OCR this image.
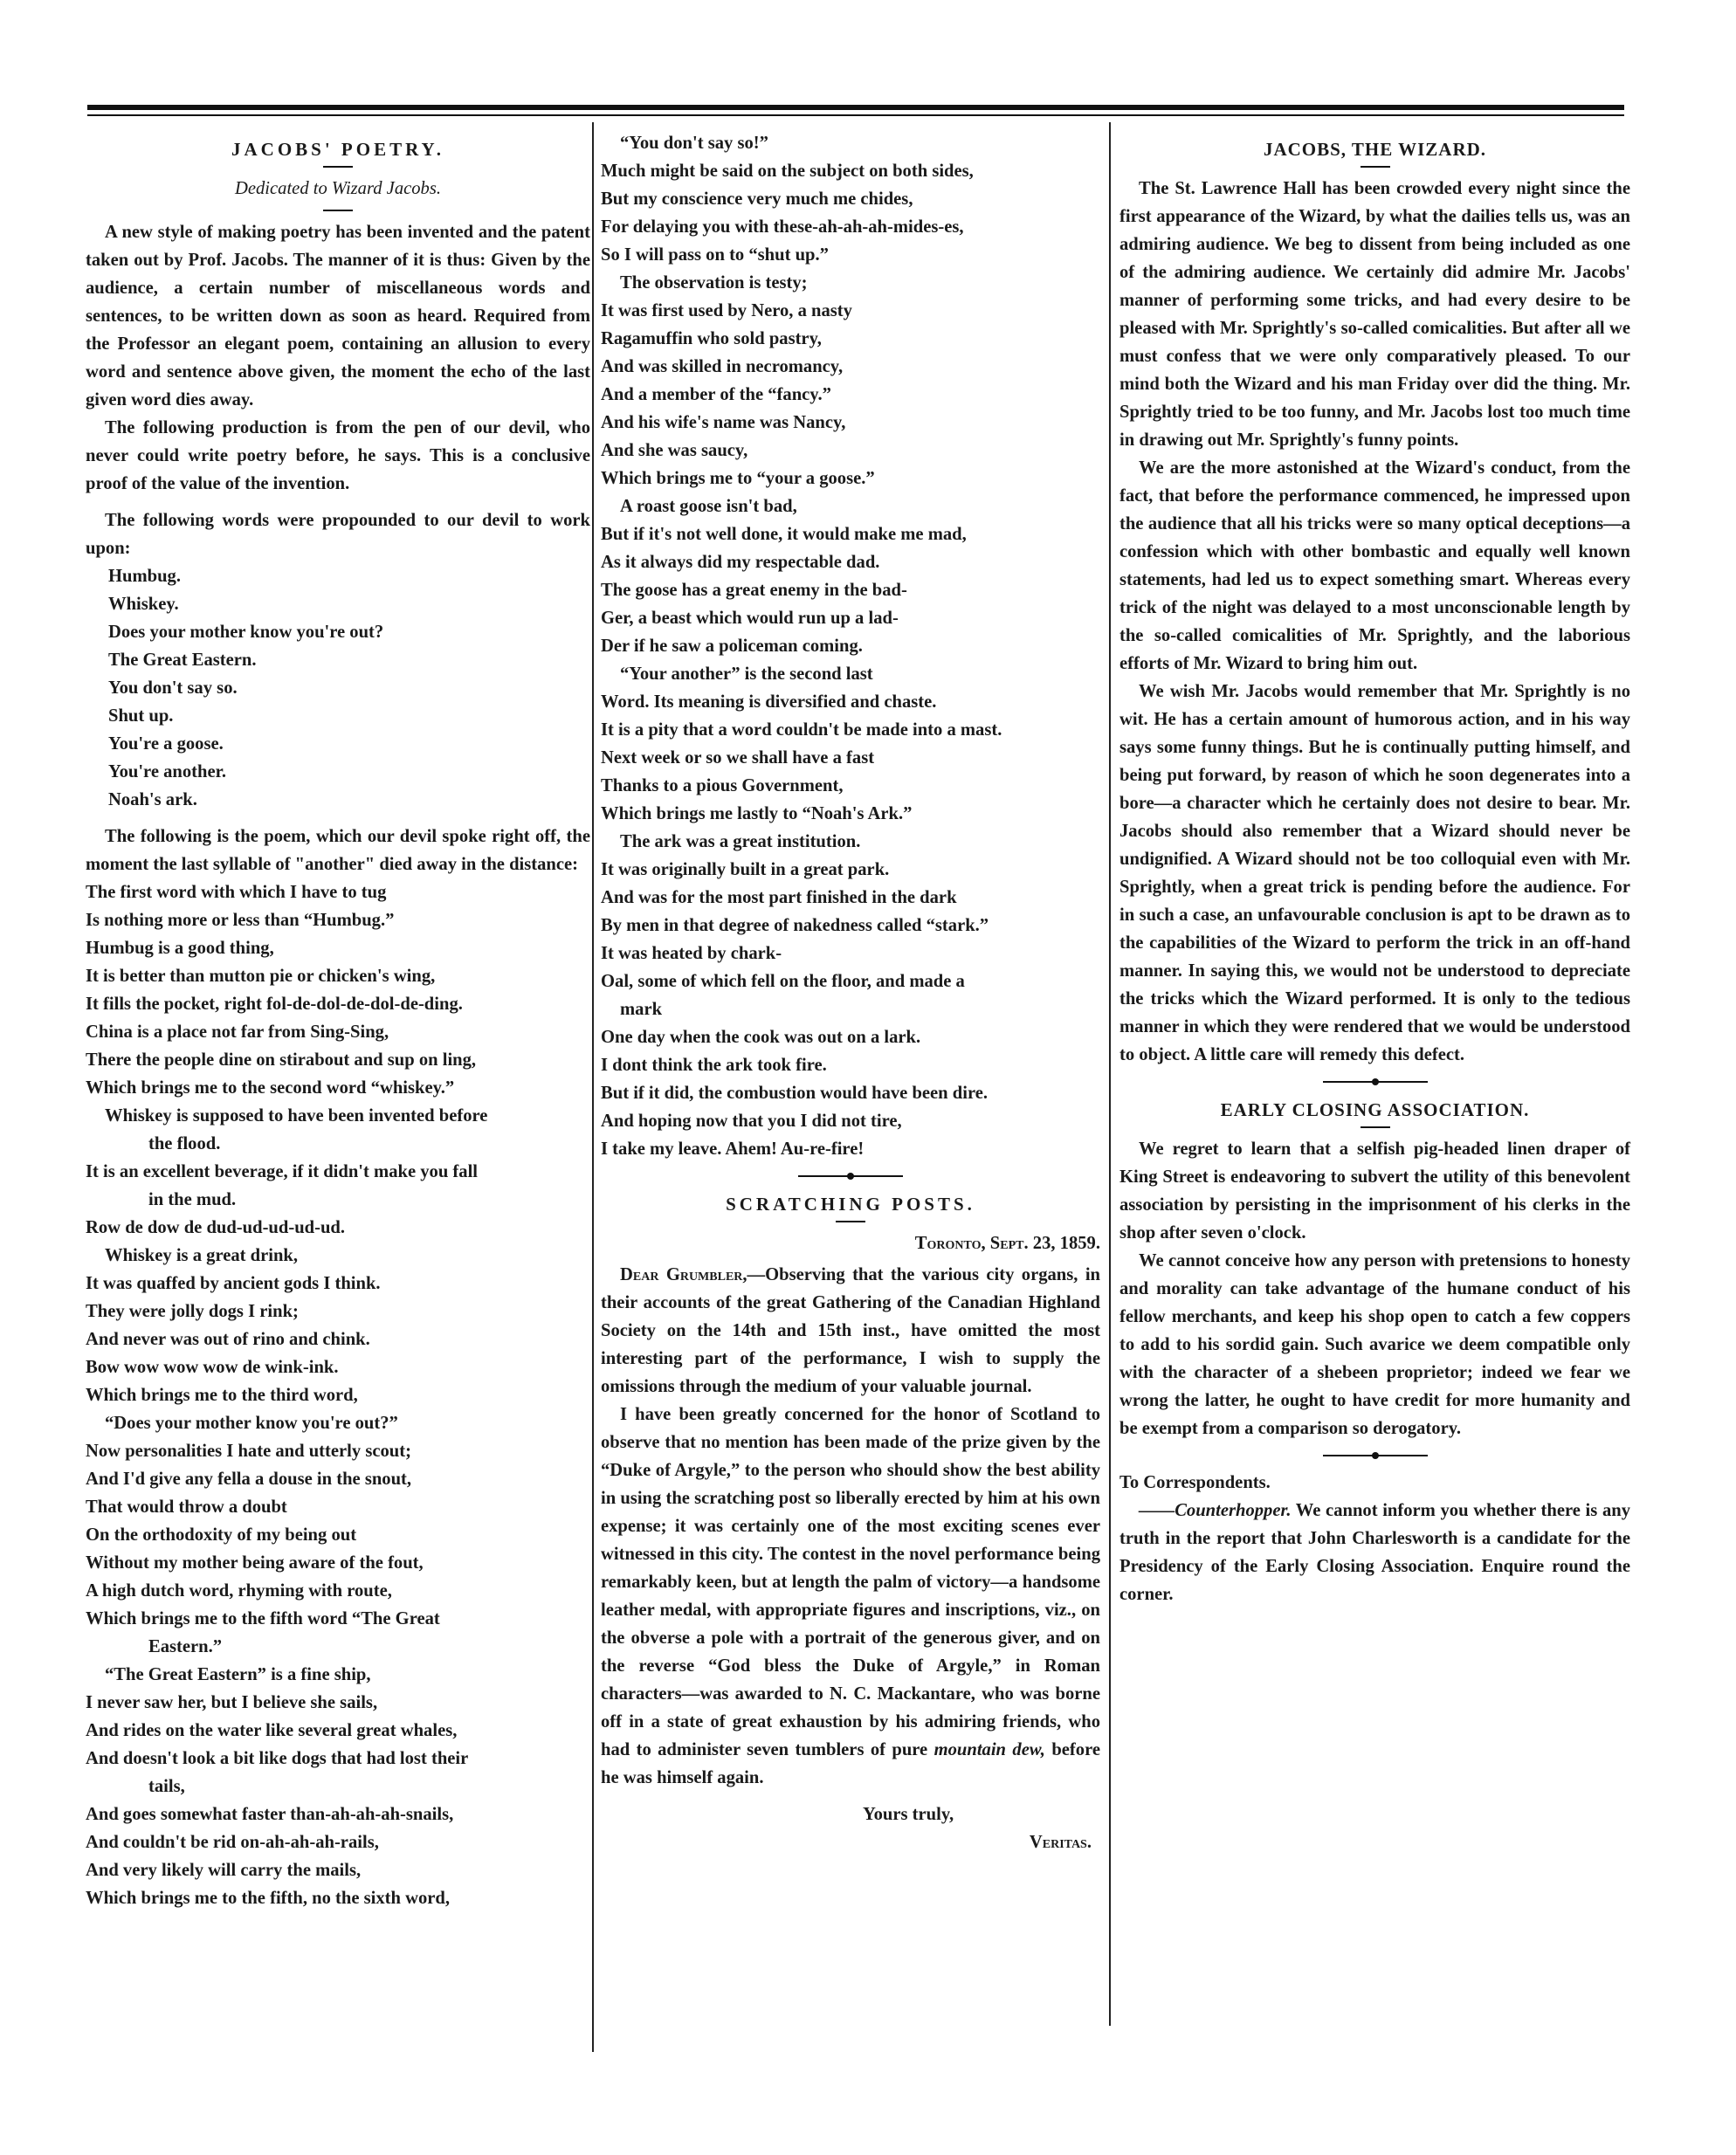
JACOBS' POETRY.
Dedicated to Wizard Jacobs.

A new style of making poetry has been invented and the patent taken out by Prof. Jacobs. The manner of it is thus: Given by the audience, a certain number of miscellaneous words and sentences, to be written down as soon as heard. Required from the Professor an elegant poem, containing an allusion to every word and sentence above given, the moment the echo of the last given word dies away.

The following production is from the pen of our devil, who never could write poetry before, he says. This is a conclusive proof of the value of the invention.

The following words were propounded to our devil to work upon:

Humbug.
Whiskey.
Does your mother know you're out?
The Great Eastern.
You don't say so.
Shut up.
You're a goose.
You're another.
Noah's ark.

The following is the poem, which our devil spoke right off, the moment the last syllable of "another" died away in the distance:

The first word with which I have to tug
Is nothing more or less than “Humbug.”
Humbug is a good thing,
It is better than mutton pie or chicken's wing,
It fills the pocket, right fol-de-dol-de-dol-de-ding.
China is a place not far from Sing-Sing,
There the people dine on stirabout and sup on ling,
Which brings me to the second word “whiskey.”
Whiskey is supposed to have been invented before
the flood.
It is an excellent beverage, if it didn't make you fall
in the mud.
Row de dow de dud-ud-ud-ud-ud.
Whiskey is a great drink,
It was quaffed by ancient gods I think.
They were jolly dogs I rink;
And never was out of rino and chink.
Bow wow wow wow de wink-ink.
Which brings me to the third word,
“Does your mother know you're out?”
Now personalities I hate and utterly scout;
And I'd give any fella a douse in the snout,
That would throw a doubt
On the orthodoxity of my being out
Without my mother being aware of the fout,
A high dutch word, rhyming with route,
Which brings me to the fifth word “The Great
Eastern.”
“The Great Eastern” is a fine ship,
I never saw her, but I believe she sails,
And rides on the water like several great whales,
And doesn't look a bit like dogs that had lost their
tails,
And goes somewhat faster than-ah-ah-ah-snails,
And couldn't be rid on-ah-ah-ah-rails,
And very likely will carry the mails,
Which brings me to the fifth, no the sixth word,
“You don't say so!”
Much might be said on the subject on both sides,
But my conscience very much me chides,
For delaying you with these-ah-ah-ah-mides-es,
So I will pass on to “shut up.”
The observation is testy;
It was first used by Nero, a nasty
Ragamuffin who sold pastry,
And was skilled in necromancy,
And a member of the “fancy.”
And his wife's name was Nancy,
And she was saucy,
Which brings me to “your a goose.”
A roast goose isn't bad,
But if it's not well done, it would make me mad,
As it always did my respectable dad.
The goose has a great enemy in the bad-
Ger, a beast which would run up a lad-
Der if he saw a policeman coming.
“Your another” is the second last
Word. Its meaning is diversified and chaste.
It is a pity that a word couldn't be made into a mast.
Next week or so we shall have a fast
Thanks to a pious Government,
Which brings me lastly to “Noah's Ark.”
The ark was a great institution.
It was originally built in a great park.
And was for the most part finished in the dark
By men in that degree of nakedness called “stark.”
It was heated by chark-
Oal, some of which fell on the floor, and made a
mark
One day when the cook was out on a lark.
I dont think the ark took fire.
But if it did, the combustion would have been dire.
And hoping now that you I did not tire,
I take my leave. Ahem! Au-re-fire!
SCRATCHING POSTS.
Toronto, Sept. 23, 1859.

Dear Grumbler,—Observing that the various city organs, in their accounts of the great Gathering of the Canadian Highland Society on the 14th and 15th inst., have omitted the most interesting part of the performance, I wish to supply the omissions through the medium of your valuable journal.

I have been greatly concerned for the honor of Scotland to observe that no mention has been made of the prize given by the “Duke of Argyle,” to the person who should show the best ability in using the scratching post so liberally erected by him at his own expense; it was certainly one of the most exciting scenes ever witnessed in this city. The contest in the novel performance being remarkably keen, but at length the palm of victory—a handsome leather medal, with appropriate figures and inscriptions, viz., on the obverse a pole with a portrait of the generous giver, and on the reverse “God bless the Duke of Argyle,” in Roman characters—was awarded to N. C. Mackantare, who was borne off in a state of great exhaustion by his admiring friends, who had to administer seven tumblers of pure mountain dew, before he was himself again.

Yours truly,
Veritas.
JACOBS, THE WIZARD.

The St. Lawrence Hall has been crowded every night since the first appearance of the Wizard, by what the dailies tells us, was an admiring audience. We beg to dissent from being included as one of the admiring audience. We certainly did admire Mr. Jacobs' manner of performing some tricks, and had every desire to be pleased with Mr. Sprightly's so-called comicalities. But after all we must confess that we were only comparatively pleased. To our mind both the Wizard and his man Friday over did the thing. Mr. Sprightly tried to be too funny, and Mr. Jacobs lost too much time in drawing out Mr. Sprightly's funny points.

We are the more astonished at the Wizard's conduct, from the fact, that before the performance commenced, he impressed upon the audience that all his tricks were so many optical deceptions—a confession which with other bombastic and equally well known statements, had led us to expect something smart. Whereas every trick of the night was delayed to a most unconscionable length by the so-called comicalities of Mr. Sprightly, and the laborious efforts of Mr. Wizard to bring him out.

We wish Mr. Jacobs would remember that Mr. Sprightly is no wit. He has a certain amount of humorous action, and in his way says some funny things. But he is continually putting himself, and being put forward, by reason of which he soon degenerates into a bore—a character which he certainly does not desire to bear. Mr. Jacobs should also remember that a Wizard should never be undignified. A Wizard should not be too colloquial even with Mr. Sprightly, when a great trick is pending before the audience. For in such a case, an unfavourable conclusion is apt to be drawn as to the capabilities of the Wizard to perform the trick in an off-hand manner. In saying this, we would not be understood to depreciate the tricks which the Wizard performed. It is only to the tedious manner in which they were rendered that we would be understood to object. A little care will remedy this defect.

EARLY CLOSING ASSOCIATION.

We regret to learn that a selfish pig-headed linen draper of King Street is endeavoring to subvert the utility of this benevolent association by persisting in the imprisonment of his clerks in the shop after seven o'clock.

We cannot conceive how any person with pretensions to honesty and morality can take advantage of the humane conduct of his fellow merchants, and keep his shop open to catch a few coppers to add to his sordid gain. Such avarice we deem compatible only with the character of a shebeen proprietor; indeed we fear we wrong the latter, he ought to have credit for more humanity and be exempt from a comparison so derogatory.

To Correspondents.

——Counterhopper. We cannot inform you whether there is any truth in the report that John Charlesworth is a candidate for the Presidency of the Early Closing Association. Enquire round the corner.
